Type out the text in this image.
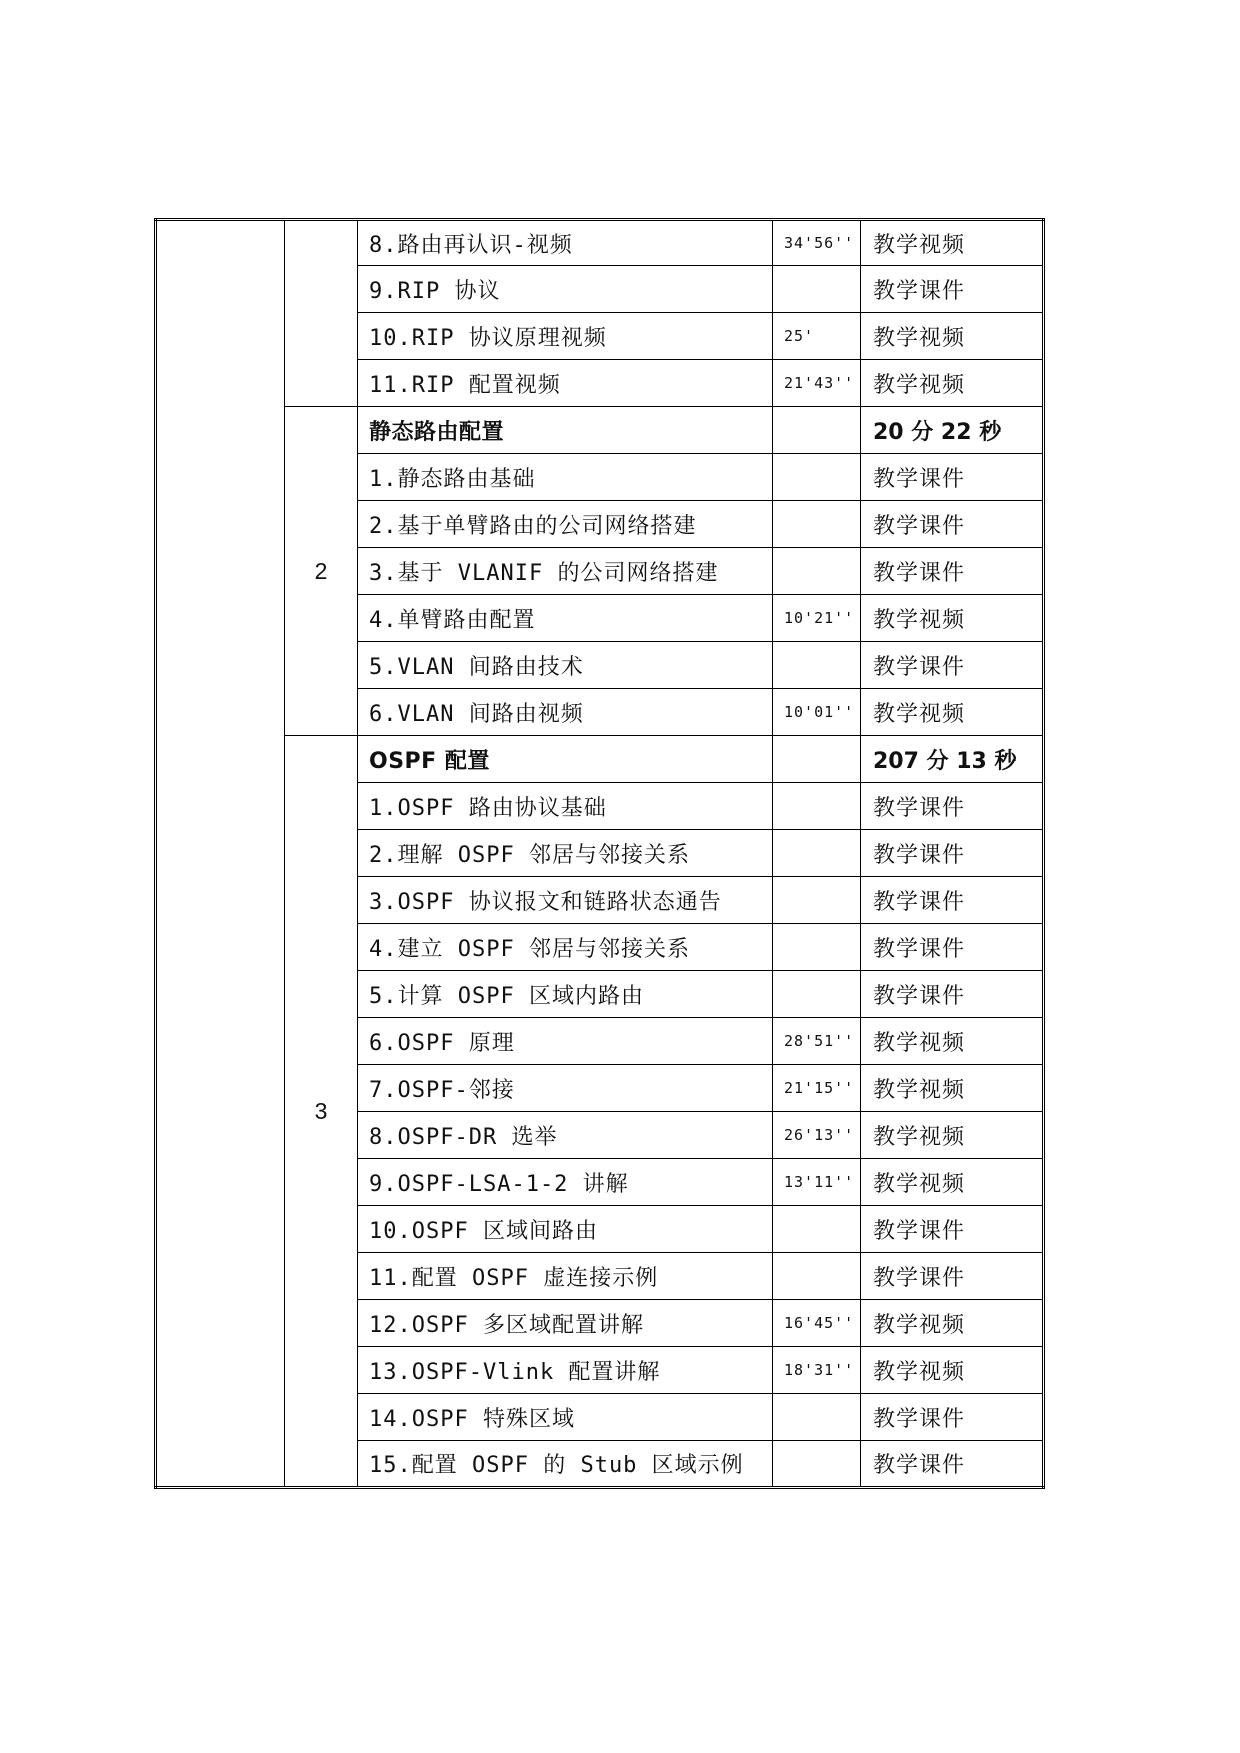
		8.路由再认识-视频	34'56''	教学视频
		9.RIP 协议		教学课件
		10.RIP 协议原理视频	25'	教学视频
		11.RIP 配置视频	21'43''	教学视频
	2	静态路由配置		20 分 22 秒
		1.静态路由基础		教学课件
		2.基于单臂路由的公司网络搭建		教学课件
		3.基于 VLANIF 的公司网络搭建		教学课件
		4.单臂路由配置	10'21''	教学视频
		5.VLAN 间路由技术		教学课件
		6.VLAN 间路由视频	10'01''	教学视频
	3	OSPF 配置		207 分 13 秒
		1.OSPF 路由协议基础		教学课件
		2.理解 OSPF 邻居与邻接关系		教学课件
		3.OSPF 协议报文和链路状态通告		教学课件
		4.建立 OSPF 邻居与邻接关系		教学课件
		5.计算 OSPF 区域内路由		教学课件
		6.OSPF 原理	28'51''	教学视频
		7.OSPF-邻接	21'15''	教学视频
		8.OSPF-DR 选举	26'13''	教学视频
		9.OSPF-LSA-1-2 讲解	13'11''	教学视频
		10.OSPF 区域间路由		教学课件
		11.配置 OSPF 虚连接示例		教学课件
		12.OSPF 多区域配置讲解	16'45''	教学视频
		13.OSPF-Vlink 配置讲解	18'31''	教学视频
		14.OSPF 特殊区域		教学课件
		15.配置 OSPF 的 Stub 区域示例		教学课件
